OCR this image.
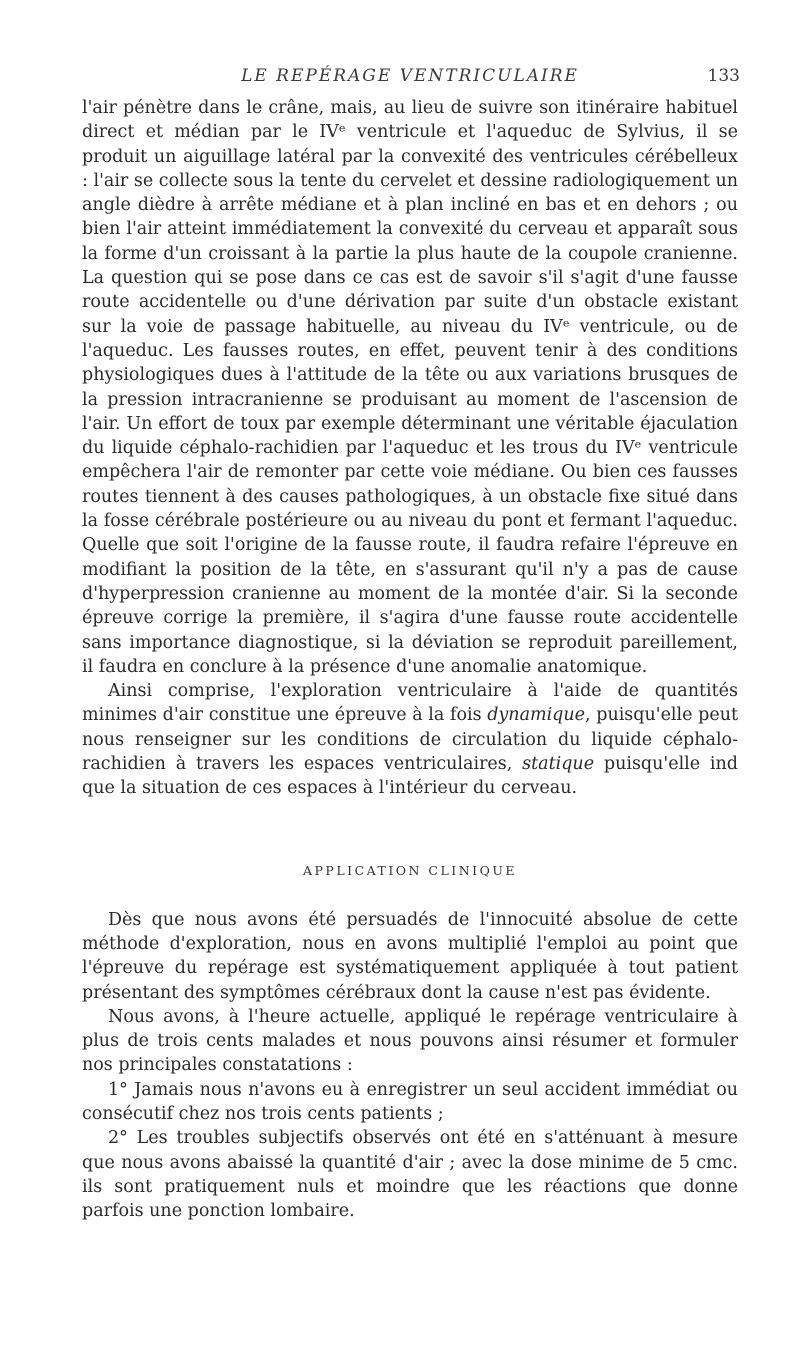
LE REPÉRAGE VENTRICULAIRE	133

l'air pénètre dans le crâne, mais, au lieu de suivre son itinéraire habituel direct et médian par le IVᵉ ventricule et l'aqueduc de Sylvius, il se produit un aiguillage latéral par la convexité des ventricules cérébelleux : l'air se collecte sous la tente du cervelet et dessine radiologiquement un angle dièdre à arrête médiane et à plan incliné en bas et en dehors ; ou bien l'air atteint immédiatement la convexité du cerveau et apparaît sous la forme d'un croissant à la partie la plus haute de la coupole cranienne. La question qui se pose dans ce cas est de savoir s'il s'agit d'une fausse route accidentelle ou d'une dérivation par suite d'un obstacle existant sur la voie de passage habituelle, au niveau du IVᵉ ventricule, ou de l'aqueduc. Les fausses routes, en effet, peuvent tenir à des conditions physiologiques dues à l'attitude de la tête ou aux variations brusques de la pression intracranienne se produisant au moment de l'ascension de l'air. Un effort de toux par exemple déterminant une véritable éjaculation du liquide céphalo-rachidien par l'aqueduc et les trous du IVᵉ ventricule empêchera l'air de remonter par cette voie médiane. Ou bien ces fausses routes tiennent à des causes pathologiques, à un obstacle fixe situé dans la fosse cérébrale postérieure ou au niveau du pont et fermant l'aqueduc. Quelle que soit l'origine de la fausse route, il faudra refaire l'épreuve en modifiant la position de la tête, en s'assurant qu'il n'y a pas de cause d'hyperpression cranienne au moment de la montée d'air. Si la seconde épreuve corrige la première, il s'agira d'une fausse route accidentelle sans importance diagnostique, si la déviation se reproduit pareillement, il faudra en conclure à la présence d'une anomalie anatomique.

Ainsi comprise, l'exploration ventriculaire à l'aide de quantités minimes d'air constitue une épreuve à la fois dynamique, puisqu'elle peut nous renseigner sur les conditions de circulation du liquide céphalo-rachidien à travers les espaces ventriculaires, statique puisqu'elle ind que la situation de ces espaces à l'intérieur du cerveau.

APPLICATION CLINIQUE

Dès que nous avons été persuadés de l'innocuité absolue de cette méthode d'exploration, nous en avons multiplié l'emploi au point que l'épreuve du repérage est systématiquement appliquée à tout patient présentant des symptômes cérébraux dont la cause n'est pas évidente.

Nous avons, à l'heure actuelle, appliqué le repérage ventriculaire à plus de trois cents malades et nous pouvons ainsi résumer et formuler nos principales constatations :

1° Jamais nous n'avons eu à enregistrer un seul accident immédiat ou consécutif chez nos trois cents patients ;

2° Les troubles subjectifs observés ont été en s'atténuant à mesure que nous avons abaissé la quantité d'air ; avec la dose minime de 5 cmc. ils sont pratiquement nuls et moindre que les réactions que donne parfois une ponction lombaire.
